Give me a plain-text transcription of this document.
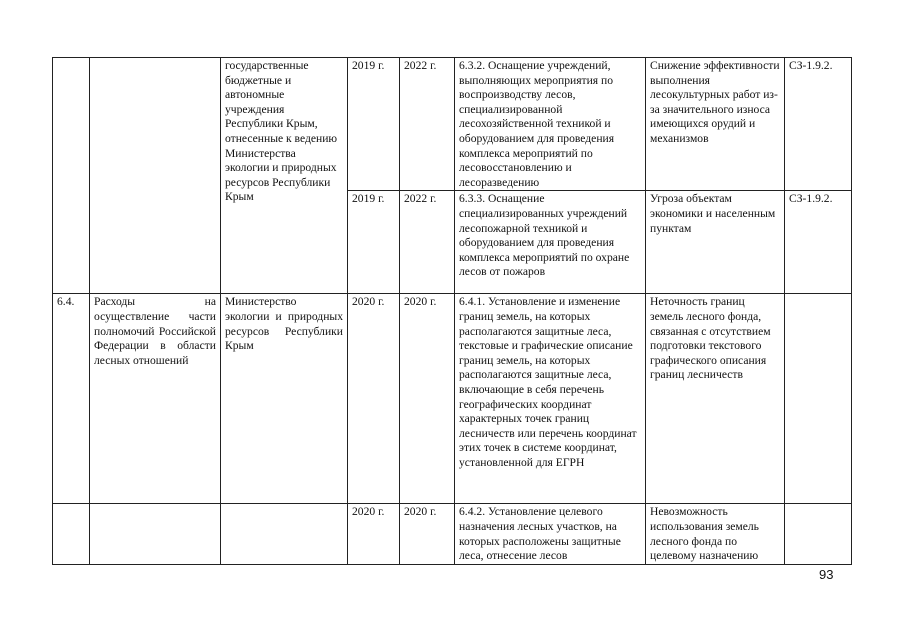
		государственные бюджетные и автономные учреждения Республики Крым, отнесенные к ведению Министерства экологии и природных ресурсов Республики Крым	2019 г.	2022 г.	6.3.2. Оснащение учреждений, выполняющих мероприятия по воспроизводству лесов, специализированной лесохозяйственной техникой и оборудованием для проведения комплекса мероприятий по лесовосстановлению и лесоразведению	Снижение эффективности выполнения лесокультурных работ из-за значительного износа имеющихся орудий и механизмов	СЗ-1.9.2.
			2019 г.	2022 г.	6.3.3. Оснащение специализированных учреждений лесопожарной техникой и оборудованием для проведения комплекса мероприятий по охране лесов от пожаров	Угроза объектам экономики и населенным пунктам	СЗ-1.9.2.
6.4.	Расходы на осуществление части полномочий Российской Федерации в области лесных отношений	Министерство экологии и природных ресурсов Республики Крым	2020 г.	2020 г.	6.4.1. Установление и изменение границ земель, на которых располагаются защитные леса, текстовые и графические описание границ земель, на которых располагаются защитные леса, включающие в себя перечень географических координат характерных точек границ лесничеств или перечень координат этих точек в системе координат, установленной для ЕГРН	Неточность границ земель лесного фонда, связанная с отсутствием подготовки текстового графического описания границ лесничеств	
			2020 г.	2020 г.	6.4.2. Установление целевого назначения лесных участков, на которых расположены защитные леса, отнесение лесов	Невозможность использования земель лесного фонда по целевому назначению	
93
